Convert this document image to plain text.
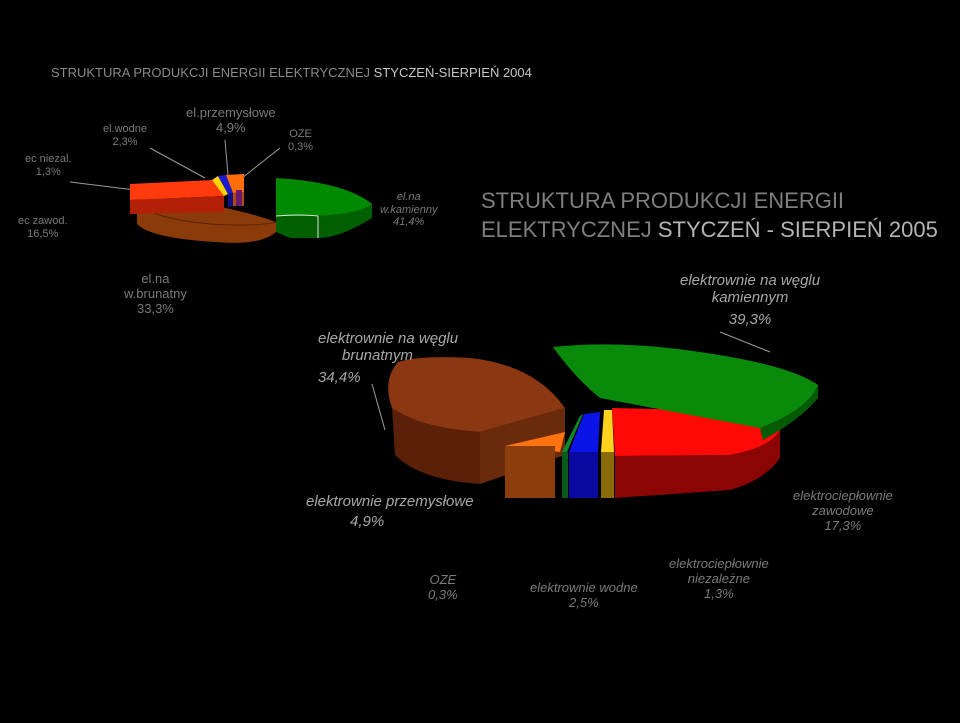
STRUKTURA PRODUKCJI ENERGII ELEKTRYCZNEJ STYCZEŃ-SIERPIEŃ 2004
ec niezal.
1,3%
el.wodne
2,3%
el.przemysłowe
4,9%	OZE
0,3%
ec zawod.
16,5%
el.na
w.kamienny
41,4%
el.na
w.brunatny
33,3%
STRUKTURA PRODUKCJI ENERGII
ELEKTRYCZNEJ STYCZEŃ - SIERPIEŃ 2005
elektrownie na węglu
brunatnym
34,4%
elektrownie na węglu
kamiennym
39,3%
elektrownie przemysłowe
4,9%
elektrociepłownie
zawodowe
17,3%
OZE
0,3%	elektrownie wodne
2,5%
elektrociepłownie
niezależne
1,3%
